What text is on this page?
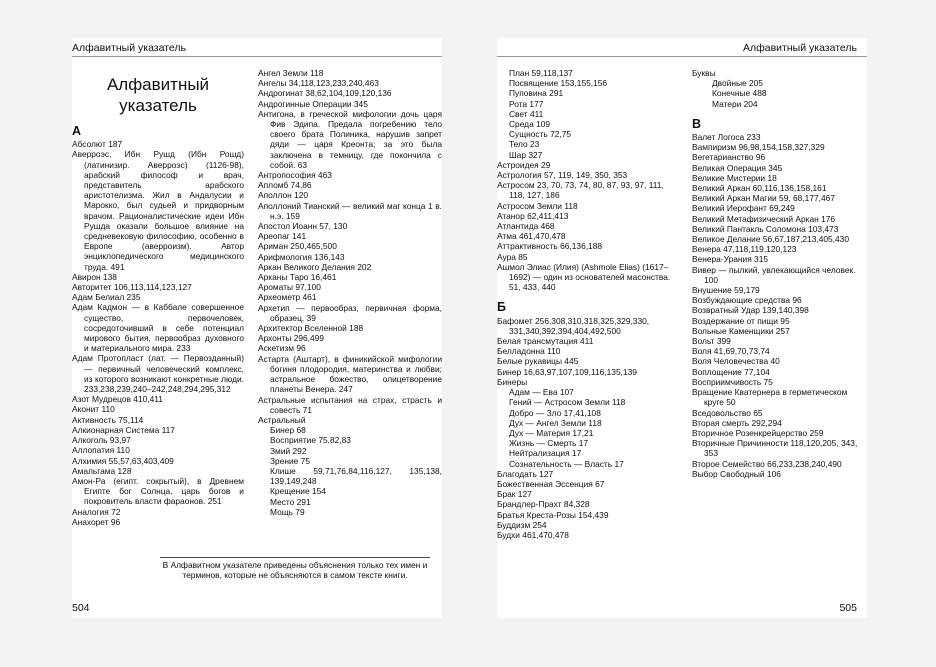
Алфавитный указатель
Алфавитный указатель
А
Абсолют 187
Аверроэс, Ибн Рушд (Ибн Рошд) (латинизир. Аверроэс) (1126-98), арабский философ и врач, представитель арабского аристотелизма. Жил в Андалусии и Марокко, был судьей и придворным врачом. Рационалистические идеи Ибн Рушда оказали большое влияние на средневековую философию, особенно в Европе (аверроизм). Автор энциклопедического медицинского труда. 491
Авирон 138
Авторитет 106,113,114,123,127
Адам Белиал 235
Адам Кадмон — в Каббале совершенное существо, первочеловек, сосредоточивший в себе потенциал мирового бытия, первообраз духовного и материального мира. 233
Адам Протопласт (лат. — Первозданный) — первичный человеческий комплекс, из которого возникают конкретные люди. 233,238,239,240–242,248,294,295,312
Азот Мудрецов 410,411
Аконит 110
Активность 75,114
Алкионарная Система 117
Алкоголь 93,97
Аллопатия 110
Алхимия 55,57,63,403,409
Амальгама 128
Амон-Ра (египт. сокрытый), в Древнем Египте бог Солнца, царь богов и покровитель власти фараонов. 251
Аналогия 72
Анахорет 96
Ангел Земли 118
Ангелы 34,118,123,233,240,463
Андрогинат 38,62,104,109,120,136
Андрогинные Операции 345
Антигона, в греческой мифологии дочь царя Фив Эдипа. Предала погребению тело своего брата Полиника, нарушив запрет дяди — царя Креонта; за это была заключена в темницу, где покончила с собой. 63
Антропософия 463
Апломб 74,86
Аполлон 120
Аполлоний Тианский — великий маг конца 1 в. н.э. 159
Апостол Иоанн 57, 130
Ареопаг 141
Ариман 250,465,500
Арифмология 136,143
Аркан Великого Делания 202
Арканы Таро 16,461
Ароматы 97,100
Археометр 461
Архетип — первообраз, первичная форма, образец. 39
Архитектор Вселенной 188
Архонты 296,499
Аскетизм 96
Астарта (Аштарт), в финикийской мифологии богиня плодородия, материнства и любви; астральное божество, олицетворение планеты Венера. 247
Астральные испытания на страх, страсть и совесть 71
Астральный
Бинер 68
Восприятие 75,82,83
Змий 292
Зрение 75
Клише 59,71,76,84,116,127, 135,138, 139,149,248
Крещение 154
Место 291
Мощь 79
В Алфавитном указателе приведены объяснения только тех имен и терминов, которые не объясняются в самом тексте книги.
504
Алфавитный указатель
План 59,118,137
Посвящение 153,155,156
Пуповина 291
Рота 177
Свет 411
Среда 109
Сущность 72,75
Тело 23
Шар 327
Астроидея 29
Астрология 57, 119, 149, 350, 353
Астросом 23, 70, 73, 74, 80, 87, 93, 97, 111, 118, 127, 186
Астросом Земли 118
Атанор 62,411,413
Атлантида 468
Атма 461,470,478
Аттрактивность 66,136,188
Аура 85
Ашмол Элиас (Илия) (Ashmole Elias) (1617–1692) — один из основателей масонства. 51, 433, 440
Б
Бафомет 256,308,310,318,325,329,330, 331,340,392,394,404,492,500
Белая трансмутация 411
Белладонна 110
Белые рукавицы 445
Бинер 16,63,97,107,109,116,135,139
Бинеры
Адам — Ева 107
Гений — Астросом Земли 118
Добро — Зло 17,41,108
Дух — Ангел Земли 118
Дух — Материя 17,21
Жизнь — Смерть 17
Нейтрализация 17
Сознательность — Власть 17
Благодать 127
Божественная Эссенция 67
Брак 127
Брандлер-Прахт 84,328
Братья Креста-Розы 154,439
Буддизм 254
Будхи 461,470,478
Буквы
Двойные 205
Конечные 488
Матери 204
В
Валет Логоса 233
Вампиризм 96,98,154,158,327,329
Вегетарианство 96
Великая Операция 345
Великие Мистерии 18
Великий Аркан 60,116,136,158,161
Великий Аркан Магии 59, 68,177,467
Великий Иерофант 69,249
Великий Метафизический Аркан 176
Великий Пантакль Соломона 103,473
Великое Делание 56,67,187,213,405,430
Венера 47,118,119,120,123
Венера-Урания 315
Вивер — пылкий, увлекающийся человек. 100
Внушение 59,179
Возбуждающие средства 96
Возвратный Удар 139,140,398
Воздержание от пищи 95
Вольные Каменщики 257
Вольт 399
Воля 41,69,70,73,74
Воля Человечества 40
Воплощение 77,104
Восприимчивость 75
Вращение Кватернера в герметическом круге 50
Вседовольство 65
Вторая смерть 292,294
Вторичное Розенкрейцерство 259
Вторичные Причинности 118,120,205, 343, 353
Второе Семейство 66,233,238,240,490
Выбор Свободный 106
505
